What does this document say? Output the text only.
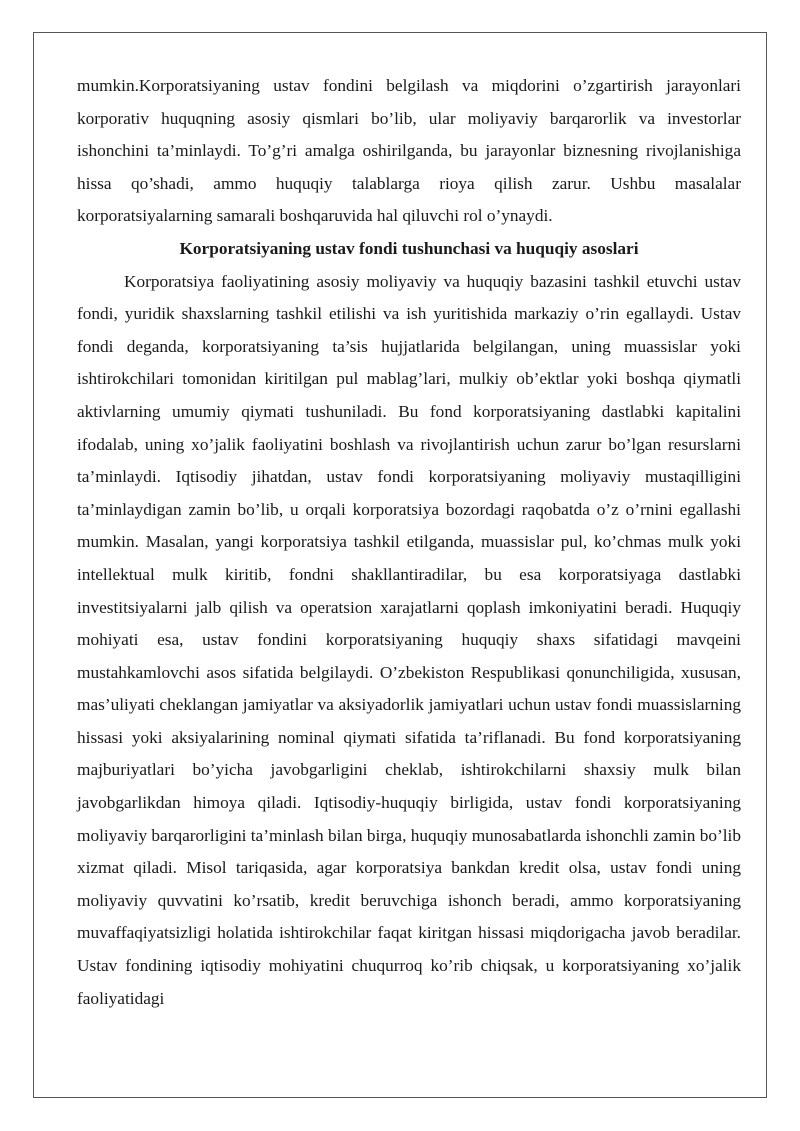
mumkin.Korporatsiyaning ustav fondini belgilash va miqdorini o’zgartirish jarayonlari korporativ huquqning asosiy qismlari bo’lib, ular moliyaviy barqarorlik va investorlar ishonchini ta’minlaydi. To’g’ri amalga oshirilganda, bu jarayonlar biznesning rivojlanishiga hissa qo’shadi, ammo huquqiy talablarga rioya qilish zarur. Ushbu masalalar korporatsiyalarning samarali boshqaruvida hal qiluvchi rol o’ynaydi.

Korporatsiyaning ustav fondi tushunchasi va huquqiy asoslari

Korporatsiya faoliyatining asosiy moliyaviy va huquqiy bazasini tashkil etuvchi ustav fondi, yuridik shaxslarning tashkil etilishi va ish yuritishida markaziy o’rin egallaydi. Ustav fondi deganda, korporatsiyaning ta’sis hujjatlarida belgilangan, uning muassislar yoki ishtirokchilari tomonidan kiritilgan pul mablag’lari, mulkiy ob’ektlar yoki boshqa qiymatli aktivlarning umumiy qiymati tushuniladi. Bu fond korporatsiyaning dastlabki kapitalini ifodalab, uning xo’jalik faoliyatini boshlash va rivojlantirish uchun zarur bo’lgan resurslarni ta’minlaydi. Iqtisodiy jihatdan, ustav fondi korporatsiyaning moliyaviy mustaqilligini ta’minlaydigan zamin bo’lib, u orqali korporatsiya bozordagi raqobatda o’z o’rnini egallashi mumkin. Masalan, yangi korporatsiya tashkil etilganda, muassislar pul, ko’chmas mulk yoki intellektual mulk kiritib, fondni shakllantiradilar, bu esa korporatsiyaga dastlabki investitsiyalarni jalb qilish va operatsion xarajatlarni qoplash imkoniyatini beradi. Huquqiy mohiyati esa, ustav fondini korporatsiyaning huquqiy shaxs sifatidagi mavqeini mustahkamlovchi asos sifatida belgilaydi. O’zbekiston Respublikasi qonunchiligida, xususan, mas’uliyati cheklangan jamiyatlar va aksiyadorlik jamiyatlari uchun ustav fondi muassislarning hissasi yoki aksiyalarining nominal qiymati sifatida ta’riflanadi. Bu fond korporatsiyaning majburiyatlari bo’yicha javobgarligini cheklab, ishtirokchilarni shaxsiy mulk bilan javobgarlikdan himoya qiladi. Iqtisodiy-huquqiy birligida, ustav fondi korporatsiyaning moliyaviy barqarorligini ta’minlash bilan birga, huquqiy munosabatlarda ishonchli zamin bo’lib xizmat qiladi. Misol tariqasida, agar korporatsiya bankdan kredit olsa, ustav fondi uning moliyaviy quvvatini ko’rsatib, kredit beruvchiga ishonch beradi, ammo korporatsiyaning muvaffaqiyatsizligi holatida ishtirokchilar faqat kiritgan hissasi miqdorigacha javob beradilar. Ustav fondining iqtisodiy mohiyatini chuqurroq ko’rib chiqsak, u korporatsiyaning xo’jalik faoliyatidagi
